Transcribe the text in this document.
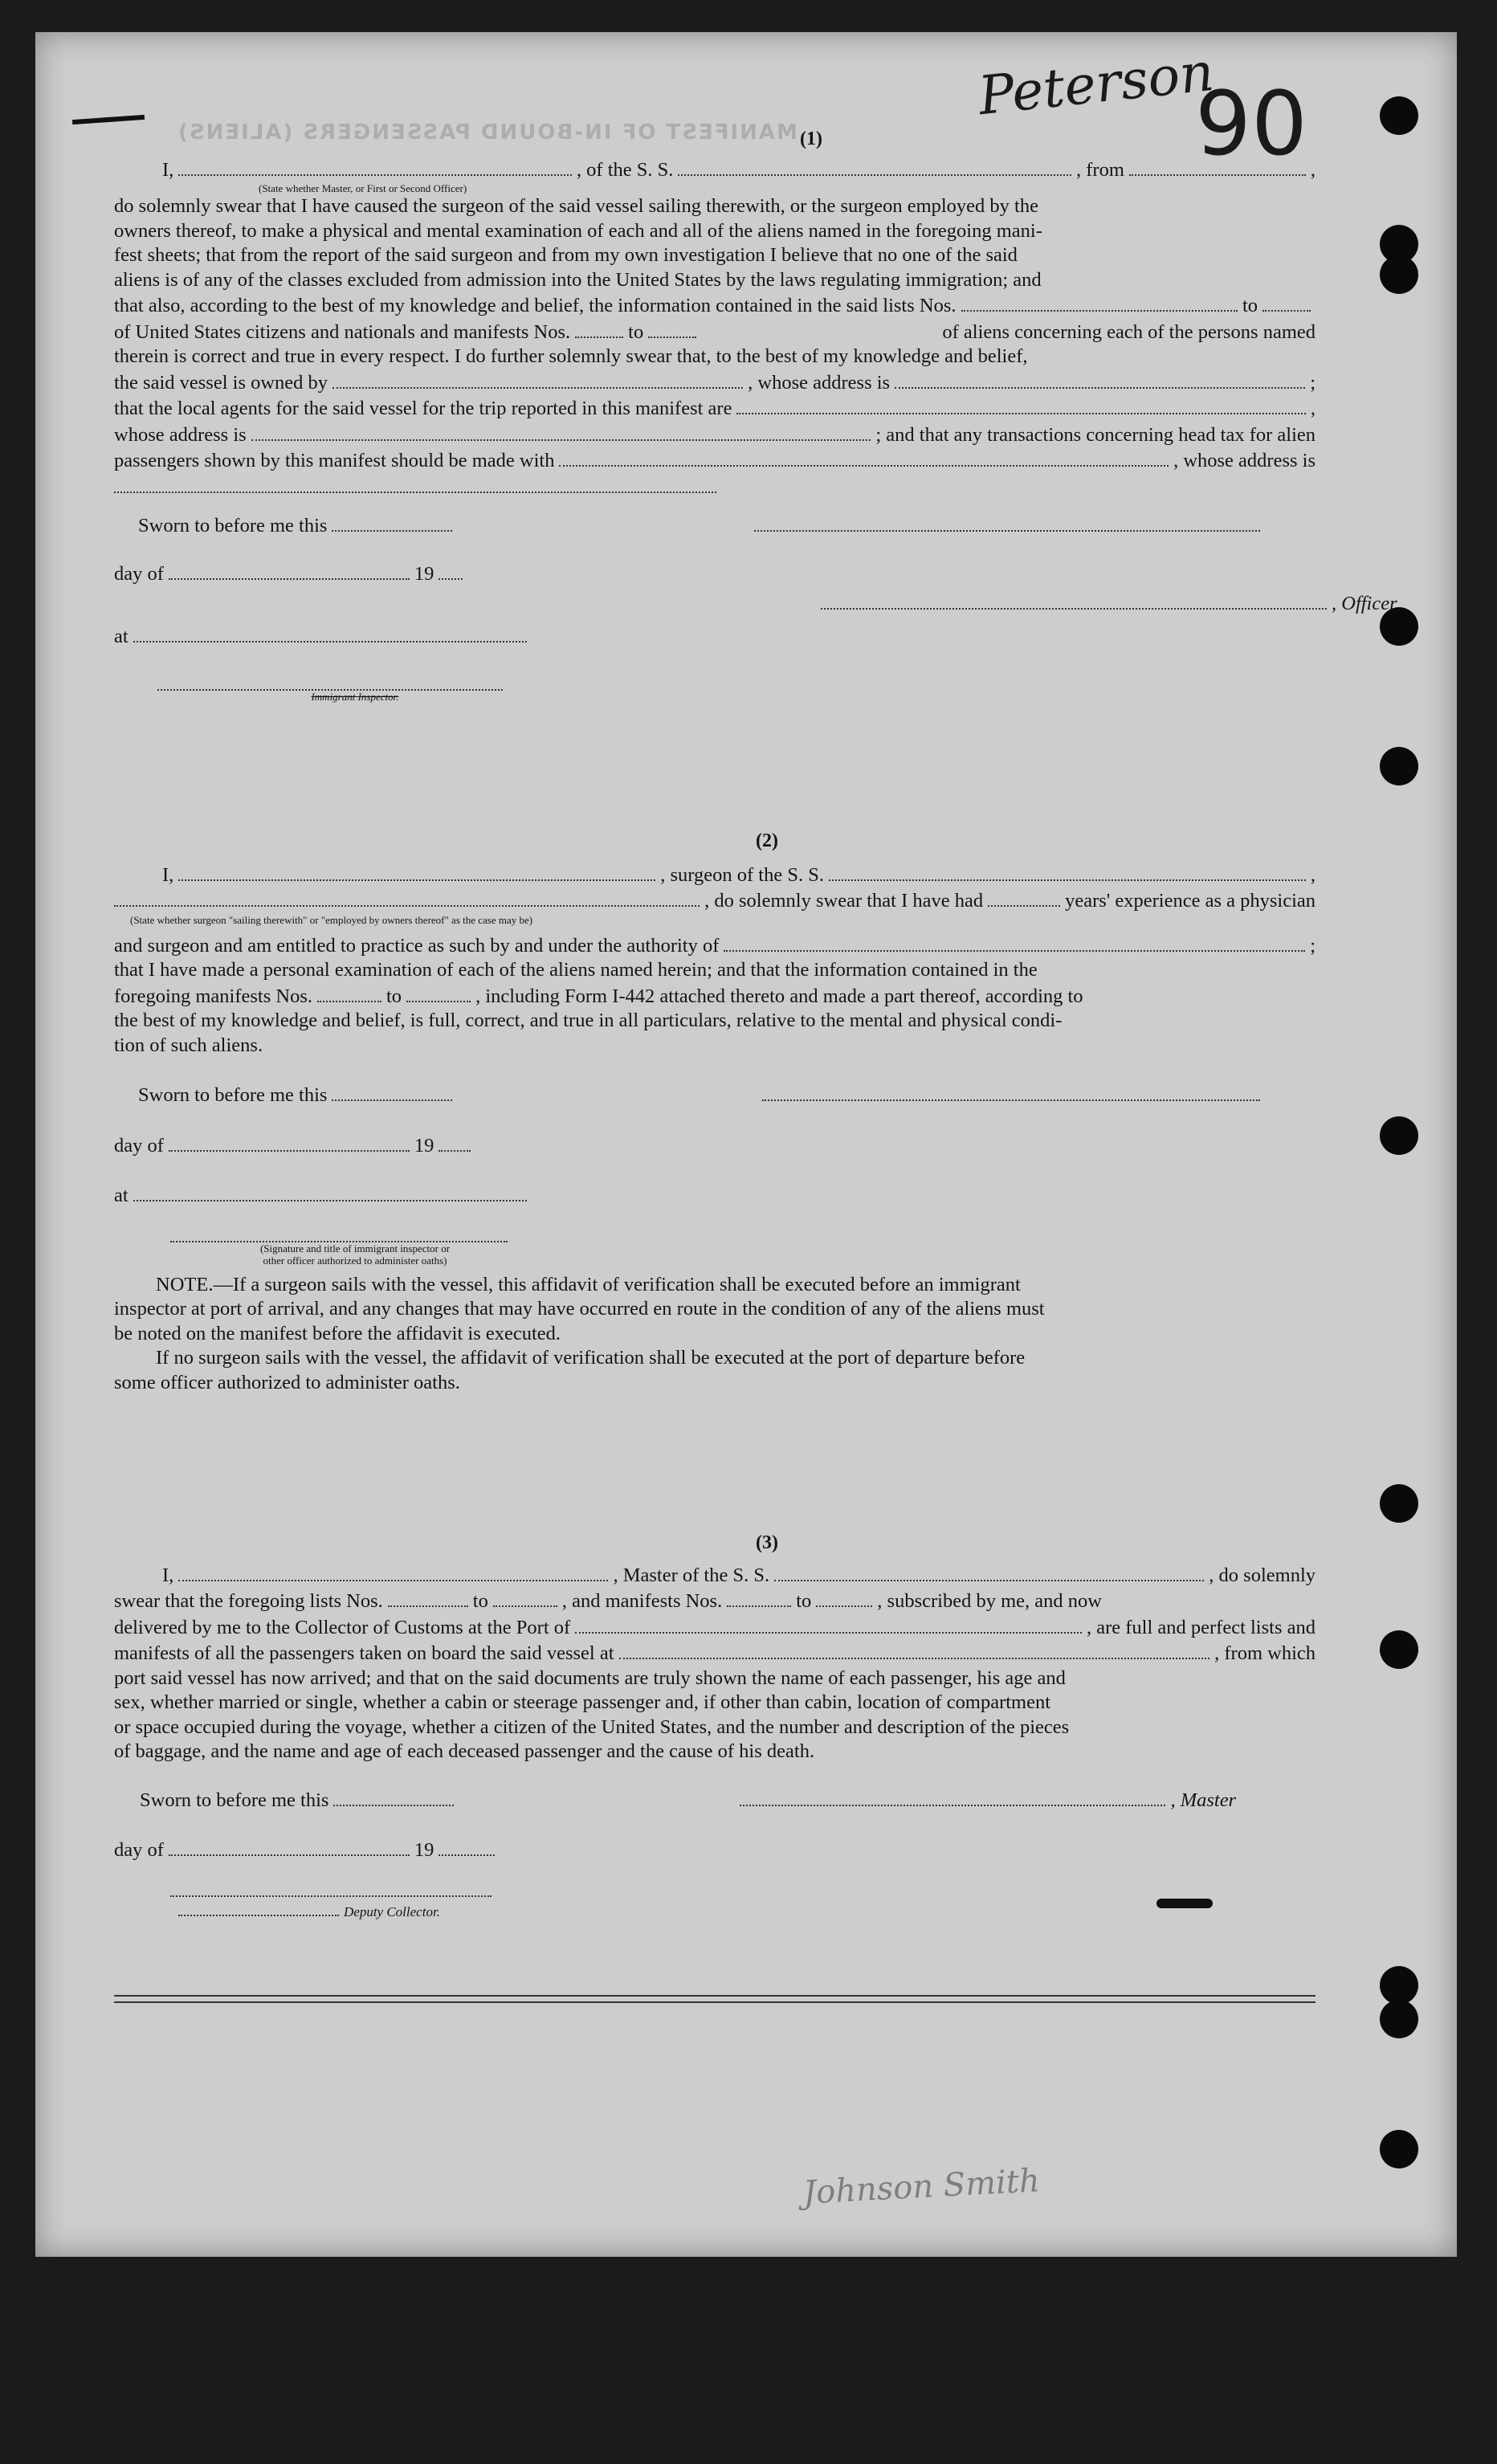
MANIFEST OF IN-BOUND PASSENGERS (ALIENS)
Peterson
90
(1)
I,	, of the S. S.	, from	,
(State whether Master, or First or Second Officer)
do solemnly swear that I have caused the surgeon of the said vessel sailing therewith, or the surgeon employed by the
owners thereof, to make a physical and mental examination of each and all of the aliens named in the foregoing mani-
fest sheets; that from the report of the said surgeon and from my own investigation I believe that no one of the said
aliens is of any of the classes excluded from admission into the United States by the laws regulating immigration; and
that also, according to the best of my knowledge and belief, the information contained in the said lists Nos.	to
of United States citizens and nationals and manifests Nos.	to	of aliens concerning each of the persons named
therein is correct and true in every respect. I do further solemnly swear that, to the best of my knowledge and belief,
the said vessel is owned by	, whose address is	;
that the local agents for the said vessel for the trip reported in this manifest are	,
whose address is	; and that any transactions concerning head tax for alien
passengers shown by this manifest should be made with	, whose address is
Sworn to before me this
day of	19
, Officer
at
Immigrant Inspector.
(2)
I,	, surgeon of the S. S.	,
, do solemnly swear that I have had	years' experience as a physician
(State whether surgeon "sailing therewith" or "employed by owners thereof" as the case may be)
and surgeon and am entitled to practice as such by and under the authority of	;
that I have made a personal examination of each of the aliens named herein; and that the information contained in the
foregoing manifests Nos.	to	, including Form I-442 attached thereto and made a part thereof, according to
the best of my knowledge and belief, is full, correct, and true in all particulars, relative to the mental and physical condi-
tion of such aliens.
Sworn to before me this
day of	19
at
(Signature and title of immigrant inspector or
other officer authorized to administer oaths)
NOTE.—If a surgeon sails with the vessel, this affidavit of verification shall be executed before an immigrant
inspector at port of arrival, and any changes that may have occurred en route in the condition of any of the aliens must
be noted on the manifest before the affidavit is executed.
If no surgeon sails with the vessel, the affidavit of verification shall be executed at the port of departure before
some officer authorized to administer oaths.
(3)
I,	, Master of the S. S.	, do solemnly
swear that the foregoing lists Nos.	to	, and manifests Nos.	to	, subscribed by me, and now
delivered by me to the Collector of Customs at the Port of	, are full and perfect lists and
manifests of all the passengers taken on board the said vessel at	, from which
port said vessel has now arrived; and that on the said documents are truly shown the name of each passenger, his age and
sex, whether married or single, whether a cabin or steerage passenger and, if other than cabin, location of compartment
or space occupied during the voyage, whether a citizen of the United States, and the number and description of the pieces
of baggage, and the name and age of each deceased passenger and the cause of his death.
Sworn to before me this	, Master
day of	19
Deputy Collector.
Johnson Smith
